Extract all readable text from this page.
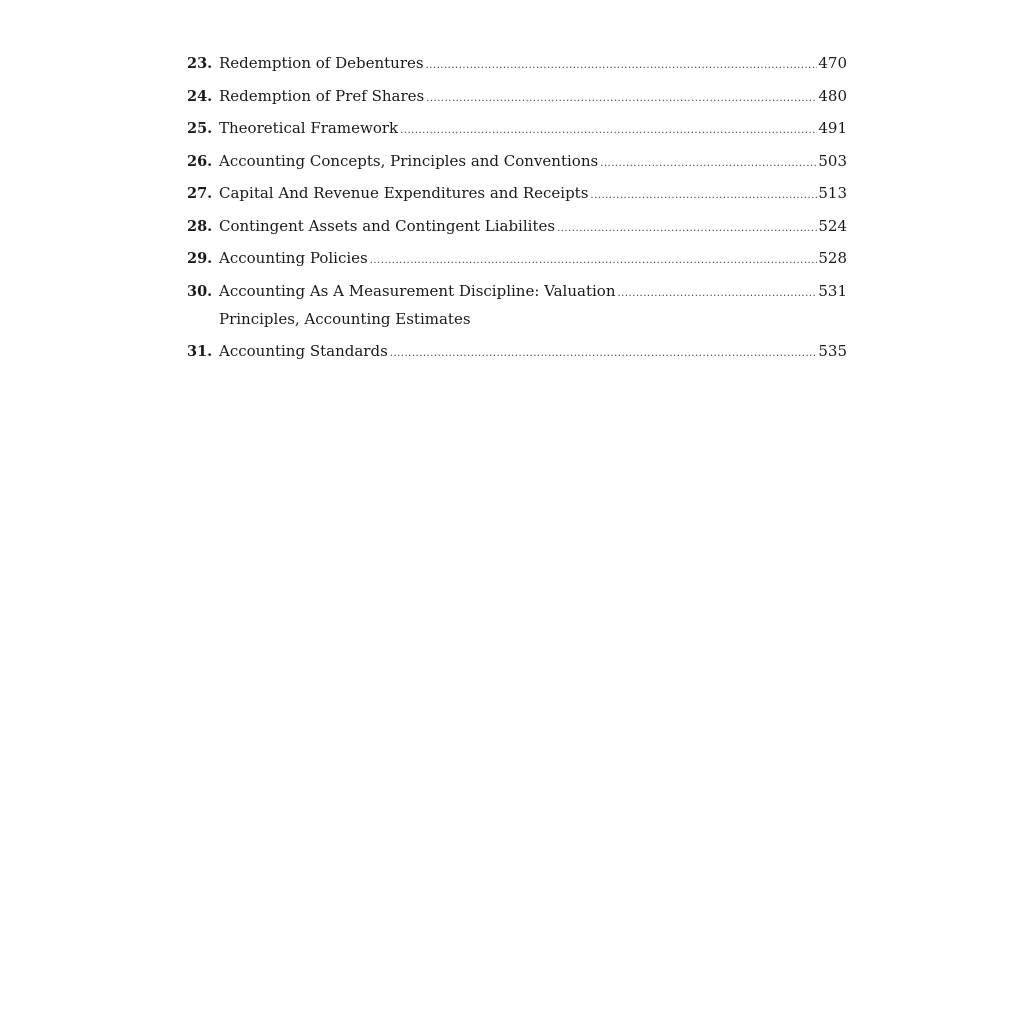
23. Redemption of Debentures .....	470
24. Redemption of Pref Shares .....	480
25. Theoretical Framework .....	491
26. Accounting Concepts, Principles and Conventions .....	503
27. Capital And Revenue Expenditures and Receipts .....	513
28. Contingent Assets and Contingent Liabilites .....	524
29. Accounting Policies .....	528
30. Accounting As A Measurement Discipline: Valuation .....	531
Principles, Accounting Estimates
31. Accounting Standards .....	535
